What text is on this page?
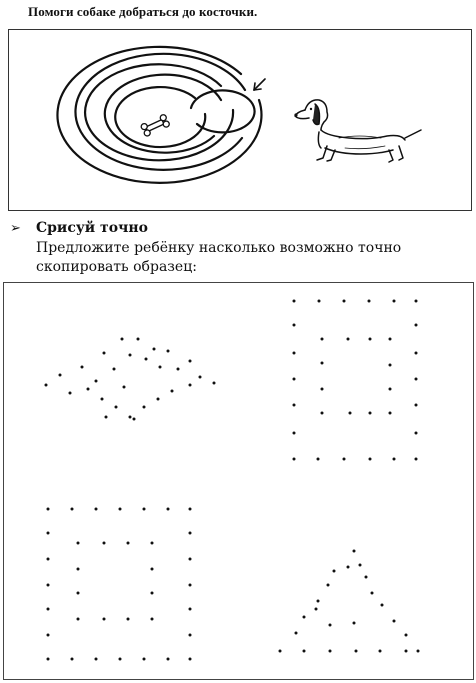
Помоги собаке добраться до косточки.
➢ Срисуй точно
Предложите ребёнку насколько возможно точно скопировать образец:
